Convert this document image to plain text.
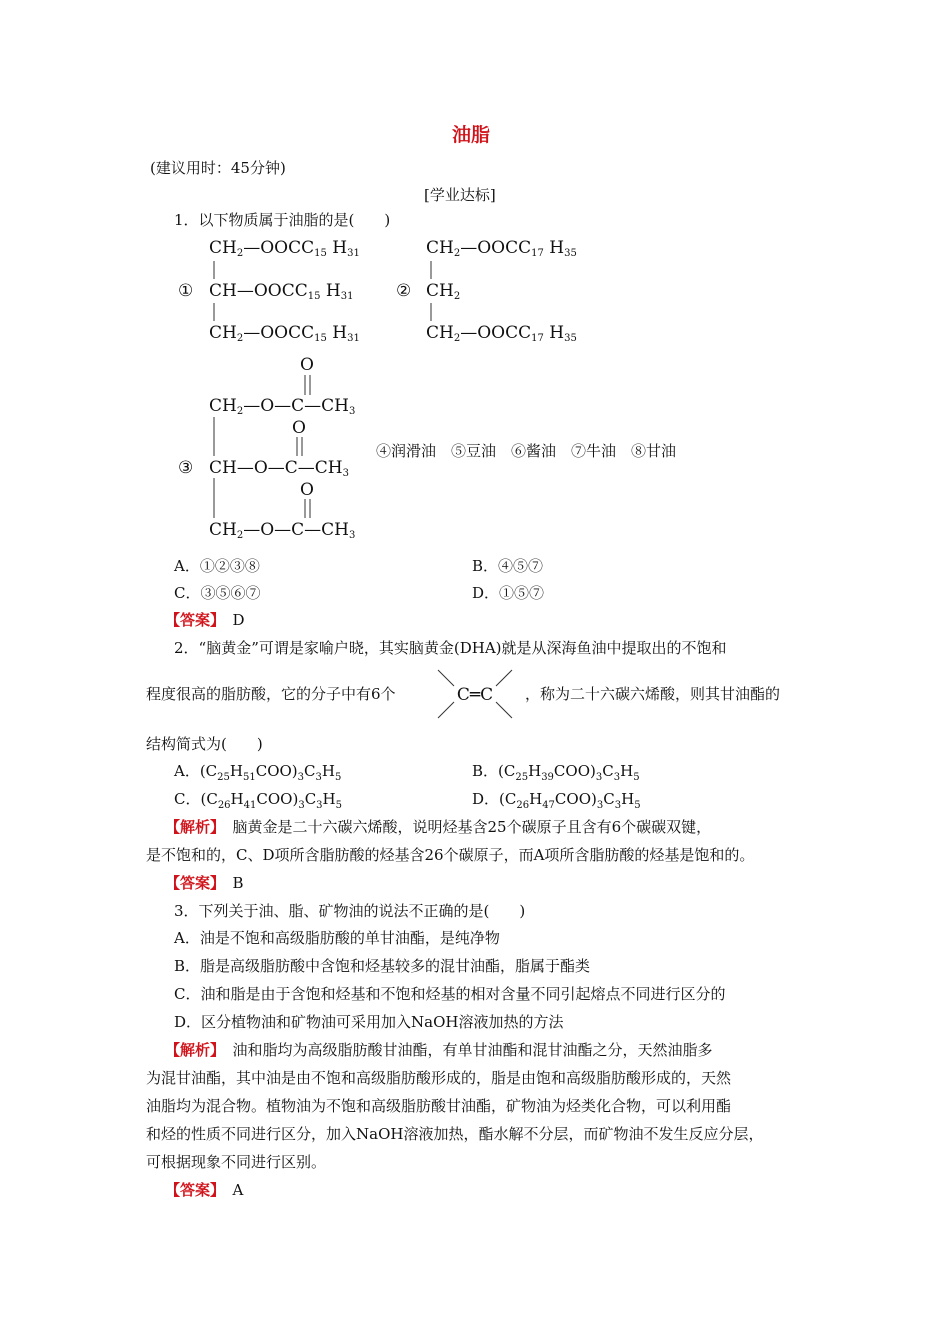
油脂
(建议用时：45分钟)
[学业达标]
1．以下物质属于油脂的是(　　)
①	②
③
$CH_2—OOCC_{15}$ $H_{31}$
$CH—OOCC_{15}$ $H_{31}$
$CH_2—OOCC_{15}$ $H_{31}$
$CH_2—OOCC_{17}$ $H_{35}$
$CH_2$
$CH_2—OOCC_{17}$ $H_{35}$
O
$CH_2—O—C—CH_3$
O
$CH—O—C—CH_3$
O
$CH_2—O—C—CH_3$
④润滑油　⑤豆油　⑥酱油　⑦牛油　⑧甘油
A．①②③⑧	B．④⑤⑦
C．③⑤⑥⑦	D．①⑤⑦
【答案】　 D
2．“脑黄金”可谓是家喻户晓，其实脑黄金(DHA)就是从深海鱼油中提取出的不饱和
程度很高的脂肪酸，它的分子中有6个	C═C ，称为二十六碳六烯酸，则其甘油酯的
结构简式为(　　)
A．$(C_{25}H_{51}COO)_3C_3H_5$	B．$(C_{25}H_{39}COO)_3C_3H_5$
C．$(C_{26}H_{41}COO)_3C_3H_5$	D．$(C_{26}H_{47}COO)_3C_3H_5$
【解析】　脑黄金是二十六碳六烯酸，说明烃基含25个碳原子且含有6个碳碳双键，
是不饱和的，C、D项所含脂肪酸的烃基含26个碳原子，而A项所含脂肪酸的烃基是饱和的。
【答案】　 B
3．下列关于油、脂、矿物油的说法不正确的是(　　)
A．油是不饱和高级脂肪酸的单甘油酯，是纯净物
B．脂是高级脂肪酸中含饱和烃基较多的混甘油酯，脂属于酯类
C．油和脂是由于含饱和烃基和不饱和烃基的相对含量不同引起熔点不同进行区分的
D．区分植物油和矿物油可采用加入NaOH溶液加热的方法
【解析】　油和脂均为高级脂肪酸甘油酯，有单甘油酯和混甘油酯之分，天然油脂多
为混甘油酯，其中油是由不饱和高级脂肪酸形成的，脂是由饱和高级脂肪酸形成的，天然
油脂均为混合物。植物油为不饱和高级脂肪酸甘油酯，矿物油为烃类化合物，可以利用酯
和烃的性质不同进行区分，加入NaOH溶液加热，酯水解不分层，而矿物油不发生反应分层，
可根据现象不同进行区别。
【答案】　 A
